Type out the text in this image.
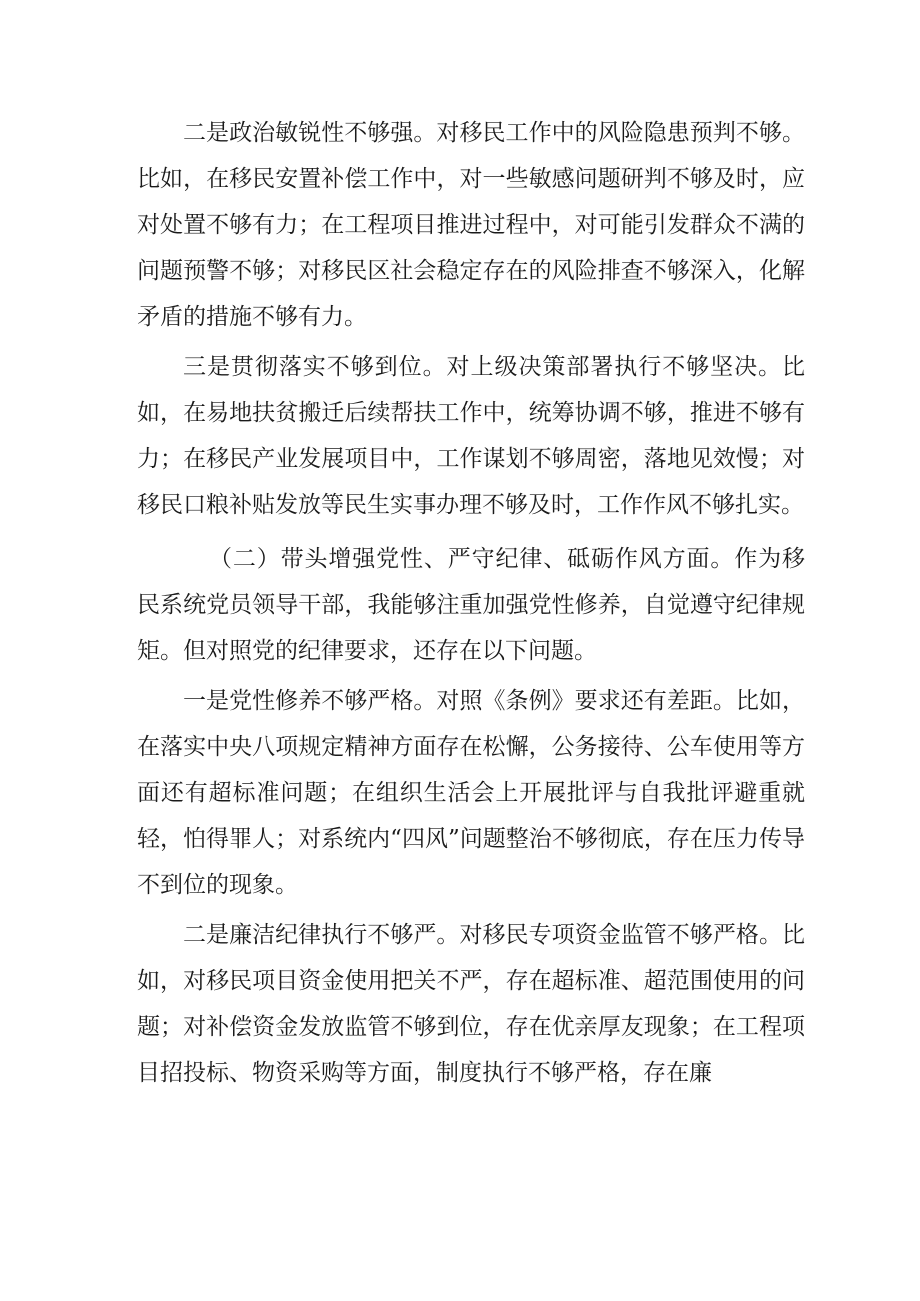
二是政治敏锐性不够强。对移民工作中的风险隐患预判不够。比如，在移民安置补偿工作中，对一些敏感问题研判不够及时，应对处置不够有力；在工程项目推进过程中，对可能引发群众不满的问题预警不够；对移民区社会稳定存在的风险排查不够深入，化解矛盾的措施不够有力。

三是贯彻落实不够到位。对上级决策部署执行不够坚决。比如，在易地扶贫搬迁后续帮扶工作中，统筹协调不够，推进不够有力；在移民产业发展项目中，工作谋划不够周密，落地见效慢；对移民口粮补贴发放等民生实事办理不够及时，工作作风不够扎实。

（二）带头增强党性、严守纪律、砥砺作风方面。作为移民系统党员领导干部，我能够注重加强党性修养，自觉遵守纪律规矩。但对照党的纪律要求，还存在以下问题。

一是党性修养不够严格。对照《条例》要求还有差距。比如，在落实中央八项规定精神方面存在松懈，公务接待、公车使用等方面还有超标准问题；在组织生活会上开展批评与自我批评避重就轻，怕得罪人；对系统内“四风”问题整治不够彻底，存在压力传导不到位的现象。

二是廉洁纪律执行不够严。对移民专项资金监管不够严格。比如，对移民项目资金使用把关不严，存在超标准、超范围使用的问题；对补偿资金发放监管不够到位，存在优亲厚友现象；在工程项目招投标、物资采购等方面，制度执行不够严格，存在廉
